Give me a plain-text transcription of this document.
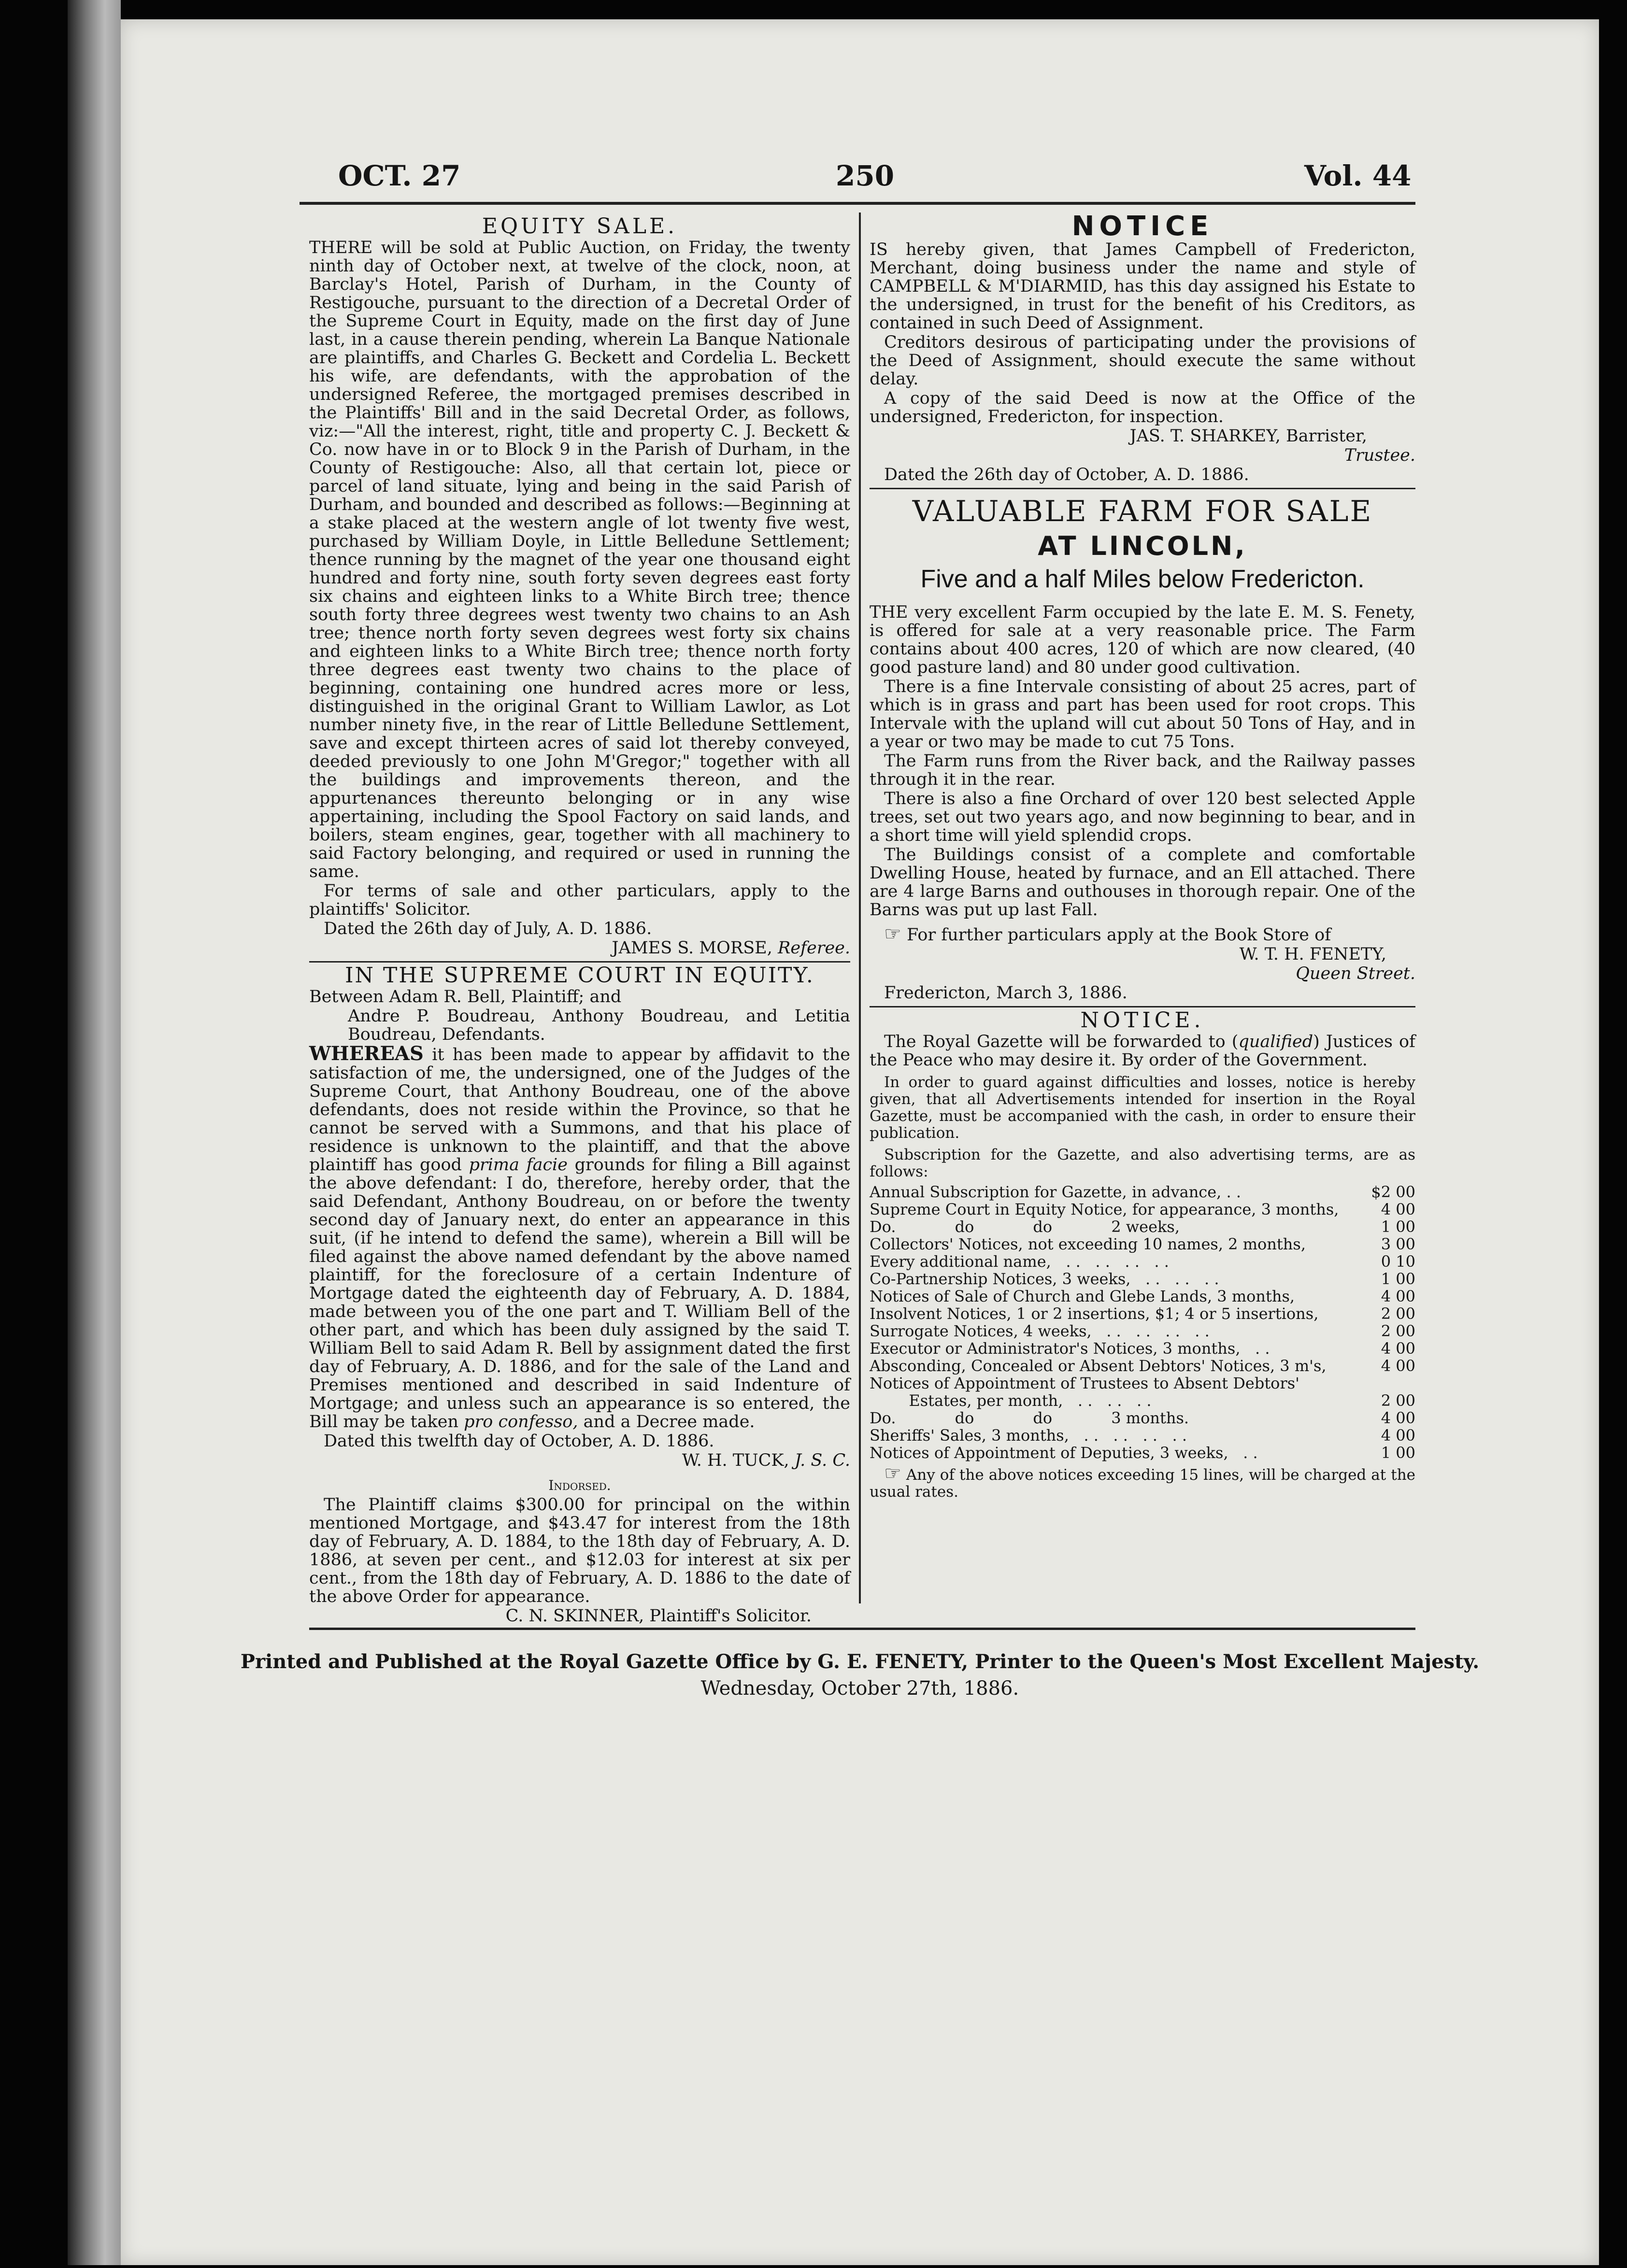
OCT. 27	250	Vol. 44
EQUITY SALE.

THERE will be sold at Public Auction, on Friday, the twenty ninth day of October next, at twelve of the clock, noon, at Barclay's Hotel, Parish of Durham, in the County of Restigouche, pursuant to the direction of a Decretal Order of the Supreme Court in Equity, made on the first day of June last, in a cause therein pending, wherein La Banque Nationale are plaintiffs, and Charles G. Beckett and Cordelia L. Beckett his wife, are defendants, with the approbation of the undersigned Referee, the mortgaged premises described in the Plaintiffs' Bill and in the said Decretal Order, as follows, viz:—"All the interest, right, title and property C. J. Beckett & Co. now have in or to Block 9 in the Parish of Durham, in the County of Restigouche: Also, all that certain lot, piece or parcel of land situate, lying and being in the said Parish of Durham, and bounded and described as follows:—Beginning at a stake placed at the western angle of lot twenty five west, purchased by William Doyle, in Little Belledune Settlement; thence running by the magnet of the year one thousand eight hundred and forty nine, south forty seven degrees east forty six chains and eighteen links to a White Birch tree; thence south forty three degrees west twenty two chains to an Ash tree; thence north forty seven degrees west forty six chains and eighteen links to a White Birch tree; thence north forty three degrees east twenty two chains to the place of beginning, containing one hundred acres more or less, distinguished in the original Grant to William Lawlor, as Lot number ninety five, in the rear of Little Belledune Settlement, save and except thirteen acres of said lot thereby conveyed, deeded previously to one John M'Gregor;" together with all the buildings and improvements thereon, and the appurtenances thereunto belonging or in any wise appertaining, including the Spool Factory on said lands, and boilers, steam engines, gear, together with all machinery to said Factory belonging, and required or used in running the same.

For terms of sale and other particulars, apply to the plaintiffs' Solicitor.

Dated the 26th day of July, A. D. 1886.

JAMES S. MORSE, Referee.

IN THE SUPREME COURT IN EQUITY.

Between Adam R. Bell, Plaintiff; and

Andre P. Boudreau, Anthony Boudreau, and Letitia Boudreau, Defendants.

WHEREAS it has been made to appear by affidavit to the satisfaction of me, the undersigned, one of the Judges of the Supreme Court, that Anthony Boudreau, one of the above defendants, does not reside within the Province, so that he cannot be served with a Summons, and that his place of residence is unknown to the plaintiff, and that the above plaintiff has good prima facie grounds for filing a Bill against the above defendant: I do, therefore, hereby order, that the said Defendant, Anthony Boudreau, on or before the twenty second day of January next, do enter an appearance in this suit, (if he intend to defend the same), wherein a Bill will be filed against the above named defendant by the above named plaintiff, for the foreclosure of a certain Indenture of Mortgage dated the eighteenth day of February, A. D. 1884, made between you of the one part and T. William Bell of the other part, and which has been duly assigned by the said T. William Bell to said Adam R. Bell by assignment dated the first day of February, A. D. 1886, and for the sale of the Land and Premises mentioned and described in said Indenture of Mortgage; and unless such an appearance is so entered, the Bill may be taken pro confesso, and a Decree made.

Dated this twelfth day of October, A. D. 1886.

W. H. TUCK, J. S. C.

Indorsed.

The Plaintiff claims $300.00 for principal on the within mentioned Mortgage, and $43.47 for interest from the 18th day of February, A. D. 1884, to the 18th day of February, A. D. 1886, at seven per cent., and $12.03 for interest at six per cent., from the 18th day of February, A. D. 1886 to the date of the above Order for appearance.

C. N. SKINNER, Plaintiff's Solicitor.

NOTICE

IS hereby given, that James Campbell of Fredericton, Merchant, doing business under the name and style of CAMPBELL & M'DIARMID, has this day assigned his Estate to the undersigned, in trust for the benefit of his Creditors, as contained in such Deed of Assignment.

Creditors desirous of participating under the provisions of the Deed of Assignment, should execute the same without delay.

A copy of the said Deed is now at the Office of the undersigned, Fredericton, for inspection.

JAS. T. SHARKEY, Barrister,

Trustee.

Dated the 26th day of October, A. D. 1886.

VALUABLE FARM FOR SALE
AT LINCOLN,
Five and a half Miles below Fredericton.

THE very excellent Farm occupied by the late E. M. S. Fenety, is offered for sale at a very reasonable price. The Farm contains about 400 acres, 120 of which are now cleared, (40 good pasture land) and 80 under good cultivation.

There is a fine Intervale consisting of about 25 acres, part of which is in grass and part has been used for root crops. This Intervale with the upland will cut about 50 Tons of Hay, and in a year or two may be made to cut 75 Tons.

The Farm runs from the River back, and the Railway passes through it in the rear.

There is also a fine Orchard of over 120 best selected Apple trees, set out two years ago, and now beginning to bear, and in a short time will yield splendid crops.

The Buildings consist of a complete and comfortable Dwelling House, heated by furnace, and an Ell attached. There are 4 large Barns and outhouses in thorough repair. One of the Barns was put up last Fall.

☞ For further particulars apply at the Book Store of

W. T. H. FENETY,

Queen Street.

Fredericton, March 3, 1886.

NOTICE.

The Royal Gazette will be forwarded to (qualified) Justices of the Peace who may desire it. By order of the Government.

In order to guard against difficulties and losses, notice is hereby given, that all Advertisements intended for insertion in the Royal Gazette, must be accompanied with the cash, in order to ensure their publication.

Subscription for the Gazette, and also advertising terms, are as follows:

Annual Subscription for Gazette, in advance, . .	$2 00
Supreme Court in Equity Notice, for appearance, 3 months,	4 00
Do.            do            do            2 weeks,	1 00
Collectors' Notices, not exceeding 10 names, 2 months,	3 00
Every additional name,   . .   . .   . .   . .	0 10
Co-Partnership Notices, 3 weeks,   . .   . .   . .	1 00
Notices of Sale of Church and Glebe Lands, 3 months,	4 00
Insolvent Notices, 1 or 2 insertions, $1; 4 or 5 insertions,	2 00
Surrogate Notices, 4 weeks,   . .   . .   . .   . .	2 00
Executor or Administrator's Notices, 3 months,   . .	4 00
Absconding, Concealed or Absent Debtors' Notices, 3 m's,	4 00
Notices of Appointment of Trustees to Absent Debtors'	
Estates, per month,   . .   . .   . .	2 00
Do.            do            do            3 months.	4 00
Sheriffs' Sales, 3 months,   . .   . .   . .   . .	4 00
Notices of Appointment of Deputies, 3 weeks,   . .	1 00

☞ Any of the above notices exceeding 15 lines, will be charged at the usual rates.

Printed and Published at the Royal Gazette Office by G. E. FENETY, Printer to the Queen's Most Excellent Majesty.
Wednesday, October 27th, 1886.
